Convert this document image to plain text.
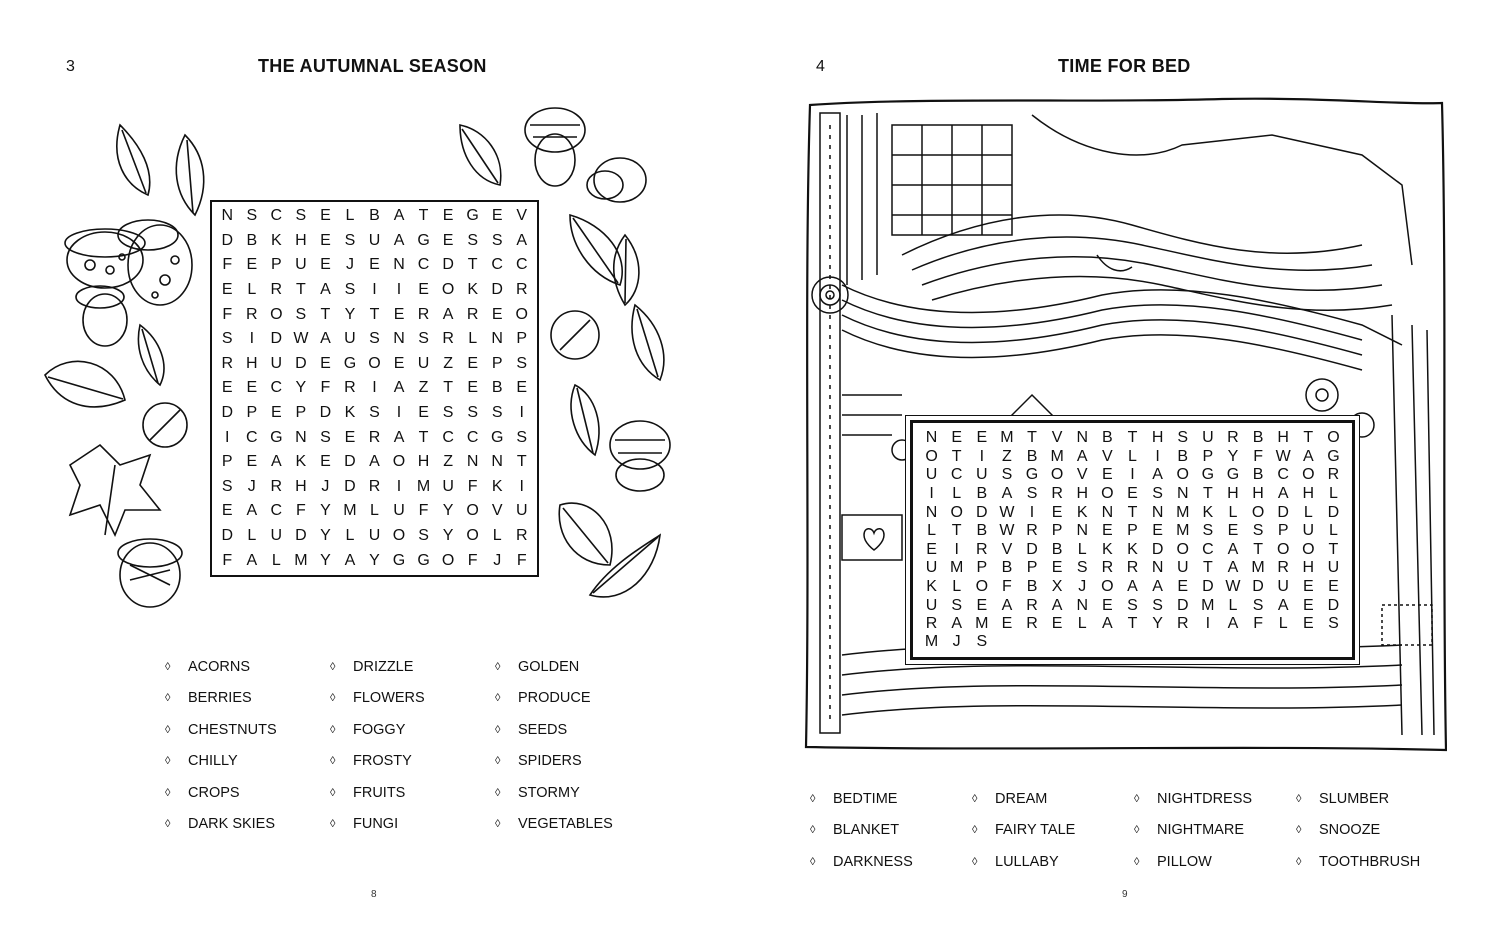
3	THE AUTUMNAL SEASON
N S C S E L B A T E G E V
D B K H E S U A G E S S A
F E P U E J E N C D T C C
E L R T A S	I	I	E O K D R
F R O S T Y T E R A R E O
S	I	D W A U S N S R L N P
R H U D E G O E U Z E P S
E E C Y F R	I	A Z T E B E
D P E P D K S	I	E S S S	I
I	C G N S E R A T C C G S
P E A K E D A O H Z N N T
S J R H J D R	I M U F K	I
E A C F Y M L U F Y O V U
D L U D Y L U O S Y O L R
F A L M Y A Y G G O F J F
◊	ACORNS	◊	DRIZZLE	◊	GOLDEN
◊	BERRIES	◊	FLOWERS	◊	PRODUCE
◊	CHESTNUTS	◊	FOGGY	◊	SEEDS
◊	CHILLY	◊	FROSTY	◊	SPIDERS
◊	CROPS	◊	FRUITS	◊	STORMY
◊	DARK SKIES	◊	FUNGI	◊	VEGETABLES
8
4	TIME FOR BED
N E E M T V N B T H S U R B H T O
O T	I	Z B M A V L	I	B P Y F W A G
U C U S G O V E	I	A O G G B C O R
I	L B A S R H O E S N T H H A H L
N O D W I	E K N T N M K L O D L D
L T B W R P N E P E M S E S P U L
E	I	R V D B L K K D O C A T O O T
U M P B P E S R R N U T A M R H U
K L O F B X J O A A E D W D U E E
U S E A R A N E S S D M L S A E D
R A M E R E L A T Y R	I	A F L E S
M J S
◊	BEDTIME	◊	DREAM	◊	NIGHTDRESS	◊	SLUMBER
◊	BLANKET	◊	FAIRY TALE	◊	NIGHTMARE	◊	SNOOZE
◊	DARKNESS	◊	LULLABY	◊	PILLOW	◊	TOOTHBRUSH
9
